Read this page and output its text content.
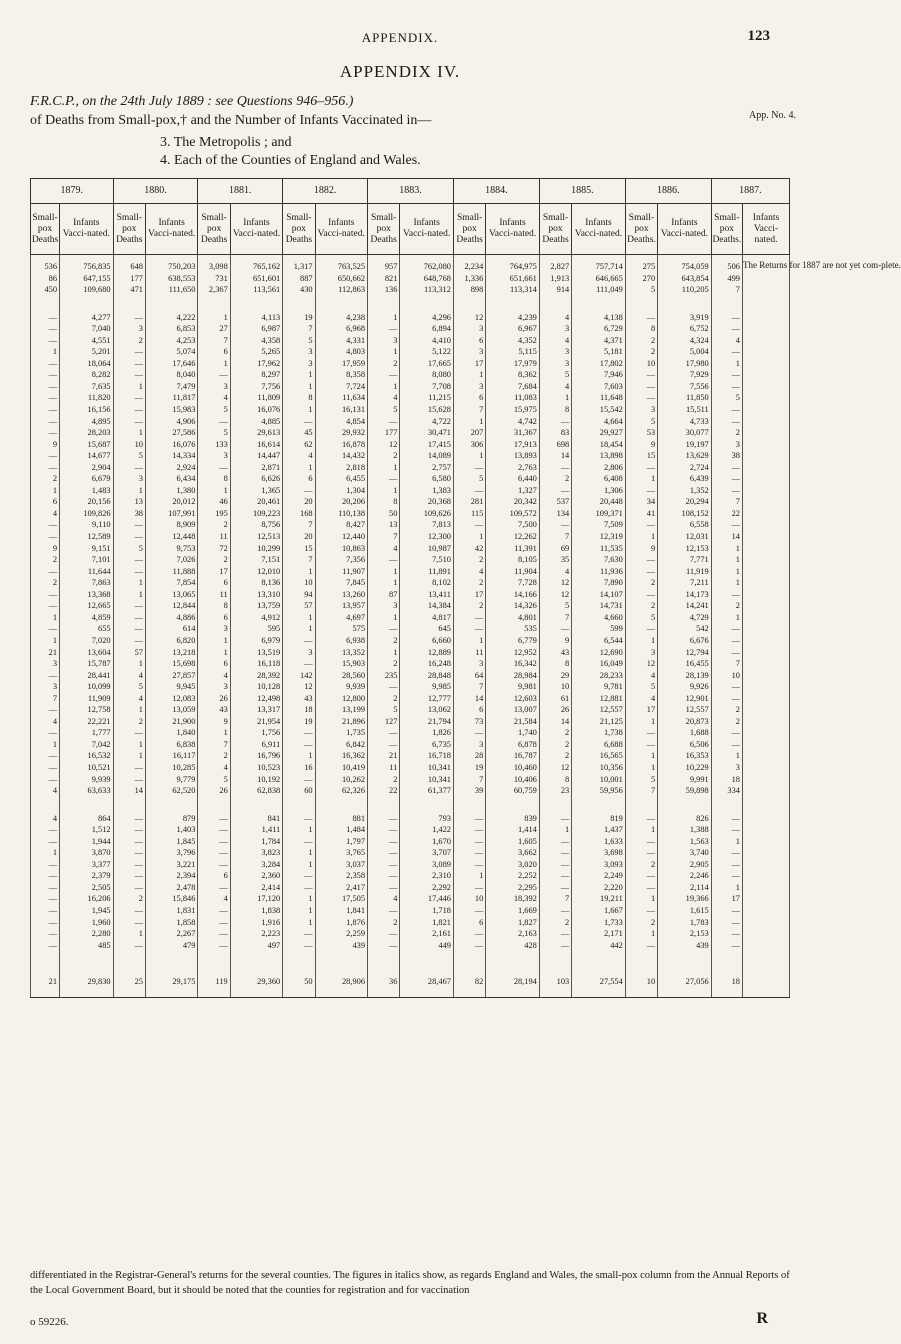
APPENDIX.	123
APPENDIX IV.
F.R.C.P., on the 24th July 1889 : see Questions 946–956.)
App. No. 4.
of Deaths from Small-pox,† and the Number of Infants Vaccinated in—
3. The Metropolis ; and
4. Each of the Counties of England and Wales.
1879.		1880.		1881.		1882.		1883.		1884.		1885.		1886.		1887.	
Small-pox Deaths	Infants Vacci-nated.	Small-pox Deaths	Infants Vacci-nated.	Small-pox Deaths	Infants Vacci-nated.	Small-pox Deaths	Infants Vacci-nated.	Small-pox Deaths	Infants Vacci-nated.	Small-pox Deaths	Infants Vacci-nated.	Small-pox Deaths	Infants Vacci-nated.	Small-pox Deaths.	Infants Vacci-nated.	Small-pox Deaths.	Infants Vacci-nated.
536	756,835	648	750,203	3,098	765,162	1,317	763,525	957	762,080	2,234	764,975	2,827	757,714	275	754,059	506	The Returns for 1887 are not yet com-plete.
86	647,155	177	638,553	731	651,601	887	650,662	821	648,768	1,336	651,661	1,913	646,665	270	643,854	499	
450	109,680	471	111,650	2,367	113,561	430	112,863	136	113,312	898	113,314	914	111,049	5	110,205	7	

—	4,277	—	4,222	1	4,113	19	4,238	1	4,296	12	4,239	4	4,138	—	3,919	—	
—	7,040	3	6,853	27	6,987	7	6,968	—	6,894	3	6,967	3	6,729	8	6,752	—	
—	4,551	2	4,253	7	4,358	5	4,331	3	4,410	6	4,352	4	4,371	2	4,324	4	
1	5,201	—	5,074	6	5,265	3	4,803	1	5,122	3	5,115	3	5,181	2	5,004	—	
—	18,064	—	17,646	1	17,962	3	17,959	2	17,665	17	17,979	3	17,802	10	17,980	1	
—	8,282	—	8,040	—	8,297	1	8,358	—	8,080	1	8,362	5	7,946	—	7,929	—	
—	7,635	1	7,479	3	7,756	1	7,724	1	7,708	3	7,684	4	7,603	—	7,556	—	
—	11,820	—	11,817	4	11,809	8	11,634	4	11,215	6	11,083	1	11,648	—	11,850	5	
—	16,156	—	15,983	5	16,076	1	16,131	5	15,628	7	15,975	8	15,542	3	15,511	—	
—	4,895	—	4,906	—	4,885	—	4,854	—	4,722	1	4,742	—	4,664	5	4,733	—	
—	28,203	1	27,586	5	29,613	45	29,932	177	30,471	207	31,367	83	29,927	53	30,077	2	
9	15,687	10	16,076	133	16,614	62	16,878	12	17,415	306	17,913	698	18,454	9	19,197	3	
—	14,677	5	14,334	3	14,447	4	14,432	2	14,089	1	13,893	14	13,898	15	13,629	38	
—	2,904	—	2,924	—	2,871	1	2,818	1	2,757	—	2,763	—	2,806	—	2,724	—	
2	6,679	3	6,434	8	6,626	6	6,455	—	6,580	5	6,440	2	6,408	1	6,439	—	
1	1,483	1	1,380	1	1,365	—	1,304	1	1,383	—	1,327	—	1,306	—	1,352	—	
6	20,156	13	20,012	46	20,461	20	20,206	8	20,368	281	20,342	537	20,448	34	20,294	7	
4	109,826	38	107,991	195	109,223	168	110,138	50	109,626	115	109,572	134	109,371	41	108,152	22	
—	9,110	—	8,909	2	8,756	7	8,427	13	7,813	—	7,500	—	7,509	—	6,558	—	
—	12,589	—	12,448	11	12,513	20	12,440	7	12,300	1	12,262	7	12,319	1	12,031	14	
9	9,151	5	9,753	72	10,299	15	10,863	4	10,987	42	11,391	69	11,535	9	12,153	1	
2	7,101	—	7,026	2	7,151	7	7,356	—	7,510	2	8,105	35	7,630	—	7,771	1	
—	11,644	—	11,888	17	12,010	1	11,907	1	11,891	4	11,904	4	11,936	—	11,919	1	
2	7,863	1	7,854	6	8,136	10	7,845	1	8,102	2	7,728	12	7,890	2	7,211	1	
—	13,368	1	13,065	11	13,310	94	13,260	87	13,411	17	14,166	12	14,107	—	14,173	—	
—	12,665	—	12,844	8	13,759	57	13,957	3	14,384	2	14,326	5	14,731	2	14,241	2	
1	4,859	—	4,886	6	4,912	1	4,697	1	4,817	—	4,801	7	4,660	5	4,729	1	
—	655	—	614	3	595	1	575	—	645	—	535	—	599	—	542	—	
1	7,020	—	6,820	1	6,979	—	6,938	2	6,660	1	6,779	9	6,544	1	6,676	—	
21	13,604	57	13,218	1	13,519	3	13,352	1	12,889	11	12,952	43	12,690	3	12,794	—	
3	15,787	1	15,698	6	16,118	—	15,903	2	16,248	3	16,342	8	16,049	12	16,455	7	
—	28,441	4	27,857	4	28,392	142	28,560	235	28,848	64	28,984	29	28,233	4	28,139	10	
3	10,099	5	9,945	3	10,128	12	9,939	—	9,985	7	9,981	10	9,781	5	9,926	—	
7	11,909	4	12,083	26	12,498	43	12,800	2	12,777	14	12,603	61	12,881	4	12,901	—	
—	12,758	1	13,059	43	13,317	18	13,199	5	13,062	6	13,007	26	12,557	17	12,557	2	
4	22,221	2	21,900	9	21,954	19	21,896	127	21,794	73	21,584	14	21,125	1	20,873	2	
—	1,777	—	1,840	1	1,756	—	1,735	—	1,826	—	1,740	2	1,738	—	1,688	—	
1	7,042	1	6,838	7	6,911	—	6,842	—	6,735	3	6,878	2	6,688	—	6,506	—	
—	16,532	1	16,117	2	16,796	1	16,362	21	16,718	28	16,787	2	16,565	1	16,353	1	
—	10,521	—	10,285	4	10,523	16	10,419	11	10,341	19	10,460	12	10,356	1	10,229	3	
—	9,939	—	9,779	5	10,192	—	10,262	2	10,341	7	10,406	8	10,001	5	9,991	18	
4	63,633	14	62,520	26	62,838	60	62,326	22	61,377	39	60,759	23	59,956	7	59,898	334	

4	864	—	879	—	841	—	881	—	793	—	839	—	819	—	826	—	
—	1,512	—	1,403	—	1,411	1	1,484	—	1,422	—	1,414	1	1,437	1	1,388	—	
—	1,944	—	1,845	—	1,784	—	1,797	—	1,670	—	1,605	—	1,633	—	1,563	1	
1	3,870	—	3,796	—	3,823	1	3,765	—	3,707	—	3,662	—	3,698	—	3,740	—	
—	3,377	—	3,221	—	3,284	1	3,037	—	3,089	—	3,020	—	3,093	2	2,905	—	
—	2,379	—	2,394	6	2,360	—	2,358	—	2,310	1	2,252	—	2,249	—	2,246	—	
—	2,505	—	2,478	—	2,414	—	2,417	—	2,292	—	2,295	—	2,220	—	2,114	1	
—	16,206	2	15,846	4	17,120	1	17,505	4	17,446	10	18,392	7	19,211	1	19,366	17	
—	1,945	—	1,831	—	1,838	1	1,841	—	1,718	—	1,669	—	1,667	—	1,615	—	
—	1,960	—	1,858	—	1,916	1	1,876	2	1,821	6	1,827	2	1,733	2	1,783	—	
—	2,280	1	2,267	—	2,223	—	2,259	—	2,161	—	2,163	—	2,171	1	2,153	—	
—	485	—	479	—	497	—	439	—	449	—	428	—	442	—	439	—	

21	29,830	25	29,175	119	29,360	50	28,906	36	28,467	82	28,194	103	27,554	10	27,056	18	
differentiated in the Registrar-General's returns for the several counties. The figures in italics show, as regards England and Wales, the small-pox column from the Annual Reports of the Local Government Board, but it should be noted that the counties for registration and for vaccination
o 59226.	R
